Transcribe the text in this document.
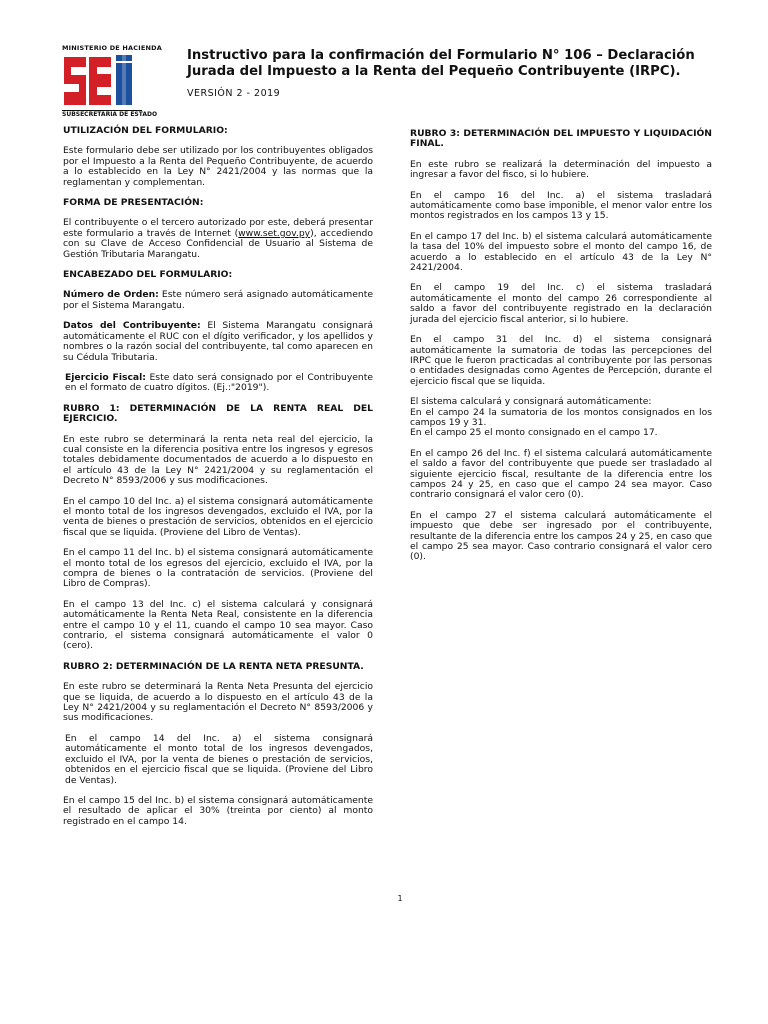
MINISTERIO DE HACIENDA
SUBSECRETARIA DE ESTADO
Instructivo para la confirmación del Formulario N° 106 – Declaración Jurada del Impuesto a la Renta del Pequeño Contribuyente (IRPC).
VERSIÓN 2 - 2019
UTILIZACIÓN DEL FORMULARIO:

Este formulario debe ser utilizado por los contribuyentes obligados por el Impuesto a la Renta del Pequeño Contribuyente, de acuerdo a lo establecido en la Ley N° 2421/2004 y las normas que la reglamentan y complementan.

FORMA DE PRESENTACIÓN:

El contribuyente o el tercero autorizado por este, deberá presentar este formulario a través de Internet (www.set.gov.py), accediendo con su Clave de Acceso Confidencial de Usuario al Sistema de Gestión Tributaria Marangatu.

ENCABEZADO DEL FORMULARIO:

Número de Orden: Este número será asignado automáticamente por el Sistema Marangatu.

Datos del Contribuyente: El Sistema Marangatu consignará automáticamente el RUC con el dígito verificador, y los apellidos y nombres o la razón social del contribuyente, tal como aparecen en su Cédula Tributaria.

Ejercicio Fiscal: Este dato será consignado por el Contribuyente en el formato de cuatro dígitos. (Ej.:"2019").

RUBRO 1: DETERMINACIÓN DE LA RENTA REAL DEL EJERCICIO.

En este rubro se determinará la renta neta real del ejercicio, la cual consiste en la diferencia positiva entre los ingresos y egresos totales debidamente documentados de acuerdo a lo dispuesto en el artículo 43 de la Ley N° 2421/2004 y su reglamentación el Decreto N° 8593/2006 y sus modificaciones.

En el campo 10 del Inc. a) el sistema consignará automáticamente el monto total de los ingresos devengados, excluido el IVA, por la venta de bienes o prestación de servicios, obtenidos en el ejercicio fiscal que se liquida. (Proviene del Libro de Ventas).

En el campo 11 del Inc. b) el sistema consignará automáticamente el monto total de los egresos del ejercicio, excluido el IVA, por la compra de bienes o la contratación de servicios. (Proviene del Libro de Compras).

En el campo 13 del Inc. c) el sistema calculará y consignará automáticamente la Renta Neta Real, consistente en la diferencia entre el campo 10 y el 11, cuando el campo 10 sea mayor. Caso contrario, el sistema consignará automáticamente el valor 0 (cero).

RUBRO 2: DETERMINACIÓN DE LA RENTA NETA PRESUNTA.

En este rubro se determinará la Renta Neta Presunta del ejercicio que se liquida, de acuerdo a lo dispuesto en el artículo 43 de la Ley N° 2421/2004 y su reglamentación el Decreto N° 8593/2006 y sus modificaciones.

En el campo 14 del Inc. a) el sistema consignará automáticamente el monto total de los ingresos devengados, excluido el IVA, por la venta de bienes o prestación de servicios, obtenidos en el ejercicio fiscal que se liquida. (Proviene del Libro de Ventas).

En el campo 15 del Inc. b) el sistema consignará automáticamente el resultado de aplicar el 30% (treinta por ciento) al monto registrado en el campo 14.

RUBRO 3: DETERMINACIÓN DEL IMPUESTO Y LIQUIDACIÓN FINAL.

En este rubro se realizará la determinación del impuesto a ingresar a favor del fisco, si lo hubiere.

En el campo 16 del Inc. a) el sistema trasladará automáticamente como base imponible, el menor valor entre los montos registrados en los campos 13 y 15.

En el campo 17 del Inc. b) el sistema calculará automáticamente la tasa del 10% del impuesto sobre el monto del campo 16, de acuerdo a lo establecido en el artículo 43 de la Ley N° 2421/2004.

En el campo 19 del Inc. c) el sistema trasladará automáticamente el monto del campo 26 correspondiente al saldo a favor del contribuyente registrado en la declaración jurada del ejercicio fiscal anterior, si lo hubiere.

En el campo 31 del Inc. d) el sistema consignará automáticamente la sumatoria de todas las percepciones del IRPC que le fueron practicadas al contribuyente por las personas o entidades designadas como Agentes de Percepción, durante el ejercicio fiscal que se liquida.

El sistema calculará y consignará automáticamente:
En el campo 24 la sumatoria de los montos consignados en los campos 19 y 31.
En el campo 25 el monto consignado en el campo 17.

En el campo 26 del Inc. f) el sistema calculará automáticamente el saldo a favor del contribuyente que puede ser trasladado al siguiente ejercicio fiscal, resultante de la diferencia entre los campos 24 y 25, en caso que el campo 24 sea mayor. Caso contrario consignará el valor cero (0).

En el campo 27 el sistema calculará automáticamente el impuesto que debe ser ingresado por el contribuyente, resultante de la diferencia entre los campos 24 y 25, en caso que el campo 25 sea mayor. Caso contrario consignará el valor cero (0).

1
